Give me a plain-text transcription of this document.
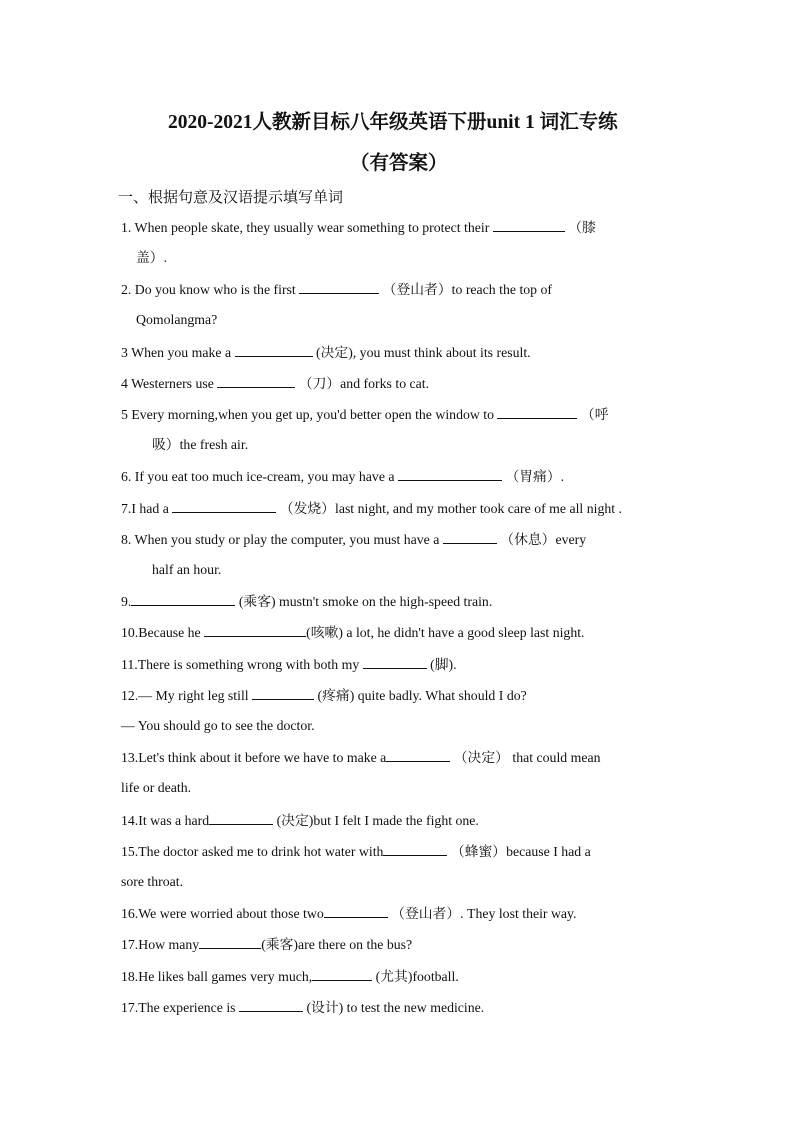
2020-2021人教新目标八年级英语下册unit 1 词汇专练
（有答案）
一、根据句意及汉语提示填写单词
1. When people skate, they usually wear something to protect their	（膝
盖）.
2. Do you know who is the first	（登山者）to reach the top of
Qomolangma?
3 When you make a	(决定), you must think about its result.
4 Westerners use	（刀）and forks to cat.
5 Every morning,when you get up, you'd better open the window to	（呼
吸）the fresh air.
6. If you eat too much ice-cream, you may have a	（胃痛）.
7.I had a	（发烧）last night, and my mother took care of me all night .
8. When you study or play the computer, you must have a	（休息）every
half an hour.
9.	(乘客) mustn't smoke on the high-speed train.
10.Because he	(咳嗽) a lot, he didn't have a good sleep last night.
11.There is something wrong with both my	(脚).
12.— My right leg still	(疼痛) quite badly. What should I do?
— You should go to see the doctor.
13.Let's think about it before we have to make a	（决定） that could mean
life or death.
14.It was a hard	(决定)but I felt I made the fight one.
15.The doctor asked me to drink hot water with	（蜂蜜）because I had a
sore throat.
16.We were worried about those two	（登山者）. They lost their way.
17.How many	(乘客)are there on the bus?
18.He likes ball games very much,	(尤其)football.
17.The experience is	(设计) to test the new medicine.
